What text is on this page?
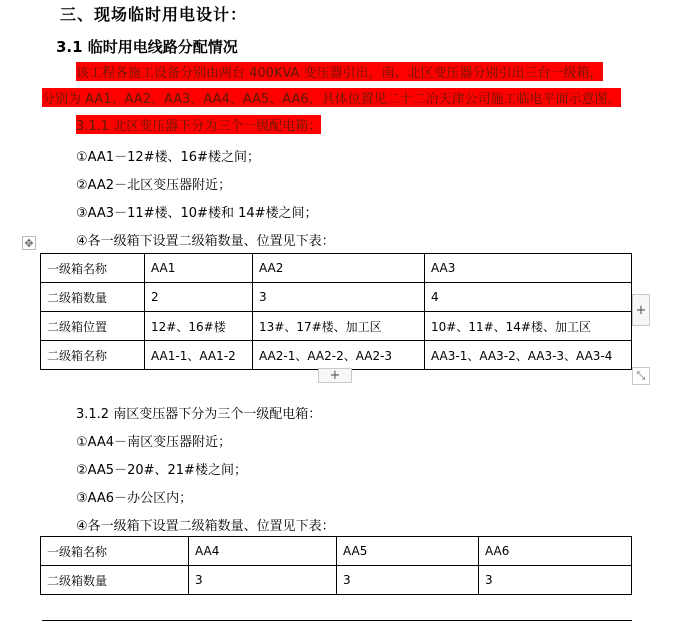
三、现场临时用电设计：
3.1 临时用电线路分配情况
该工程各施工设备分别由两台 400KVA 变压器引出，南、北区变压器分别引出三台一级箱，
分别为 AA1、AA2、AA3、AA4、AA5、AA6，具体位置见二十二冶天津公司施工临电平面示意图。
3.1.1 北区变压器下分为三个一级配电箱：
①AA1－12#楼、16#楼之间；
②AA2－北区变压器附近；
③AA3－11#楼、10#楼和 14#楼之间；
④各一级箱下设置二级箱数量、位置见下表：
✥
一级箱名称	AA1	AA2	AA3
二级箱数量	2	3	4
二级箱位置	12#、16#楼	13#、17#楼、加工区	10#、11#、14#楼、加工区
二级箱名称	AA1-1、AA1-2	AA2-1、AA2-2、AA2-3	AA3-1、AA3-2、AA3-3、AA3-4
+
+	⤡
3.1.2 南区变压器下分为三个一级配电箱：
①AA4－南区变压器附近；
②AA5－20#、21#楼之间；
③AA6－办公区内；
④各一级箱下设置二级箱数量、位置见下表：
一级箱名称	AA4	AA5	AA6
二级箱数量	3	3	3
